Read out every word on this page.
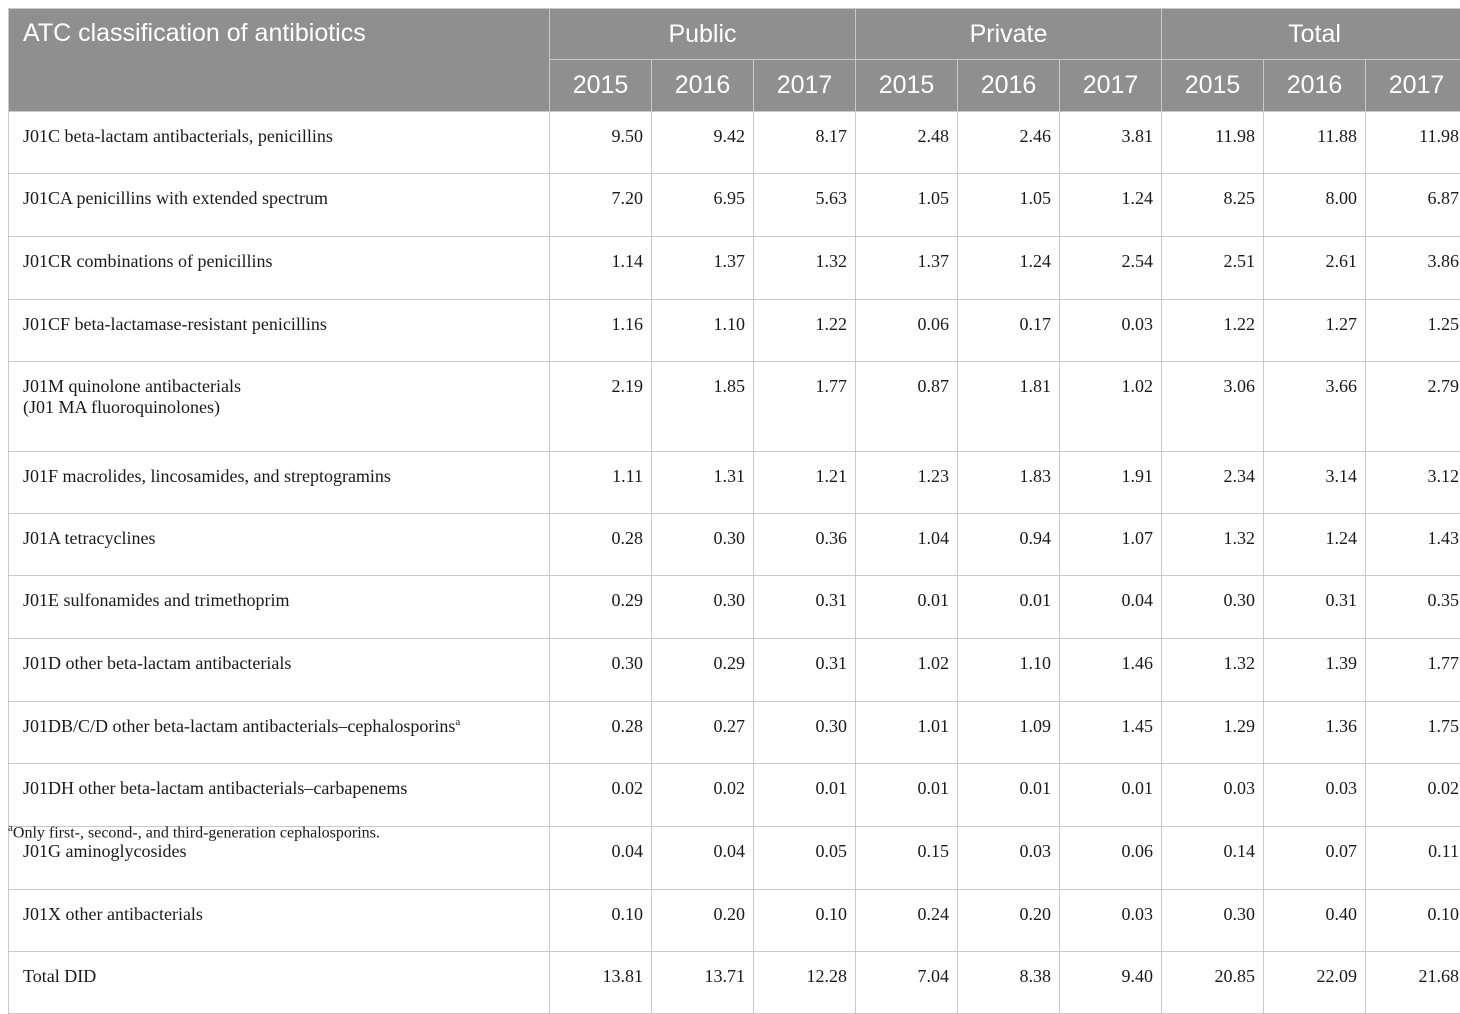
ATC classification of antibiotics	Public			Private			Total		
	2015	2016	2017	2015	2016	2017	2015	2016	2017
J01C beta-lactam antibacterials, penicillins	9.50	9.42	8.17	2.48	2.46	3.81	11.98	11.88	11.98
J01CA penicillins with extended spectrum	7.20	6.95	5.63	1.05	1.05	1.24	8.25	8.00	6.87
J01CR combinations of penicillins	1.14	1.37	1.32	1.37	1.24	2.54	2.51	2.61	3.86
J01CF beta-lactamase-resistant penicillins	1.16	1.10	1.22	0.06	0.17	0.03	1.22	1.27	1.25
J01M quinolone antibacterials
(J01 MA fluoroquinolones)	2.19	1.85	1.77	0.87	1.81	1.02	3.06	3.66	2.79
J01F macrolides, lincosamides, and streptogramins	1.11	1.31	1.21	1.23	1.83	1.91	2.34	3.14	3.12
J01A tetracyclines	0.28	0.30	0.36	1.04	0.94	1.07	1.32	1.24	1.43
J01E sulfonamides and trimethoprim	0.29	0.30	0.31	0.01	0.01	0.04	0.30	0.31	0.35
J01D other beta-lactam antibacterials	0.30	0.29	0.31	1.02	1.10	1.46	1.32	1.39	1.77
J01DB/C/D other beta-lactam antibacterials–cephalosporins$^a$	0.28	0.27	0.30	1.01	1.09	1.45	1.29	1.36	1.75
J01DH other beta-lactam antibacterials–carbapenems	0.02	0.02	0.01	0.01	0.01	0.01	0.03	0.03	0.02
J01G aminoglycosides	0.04	0.04	0.05	0.15	0.03	0.06	0.14	0.07	0.11
J01X other antibacterials	0.10	0.20	0.10	0.24	0.20	0.03	0.30	0.40	0.10
Total DID	13.81	13.71	12.28	7.04	8.38	9.40	20.85	22.09	21.68
$^a$Only first-, second-, and third-generation cephalosporins.
